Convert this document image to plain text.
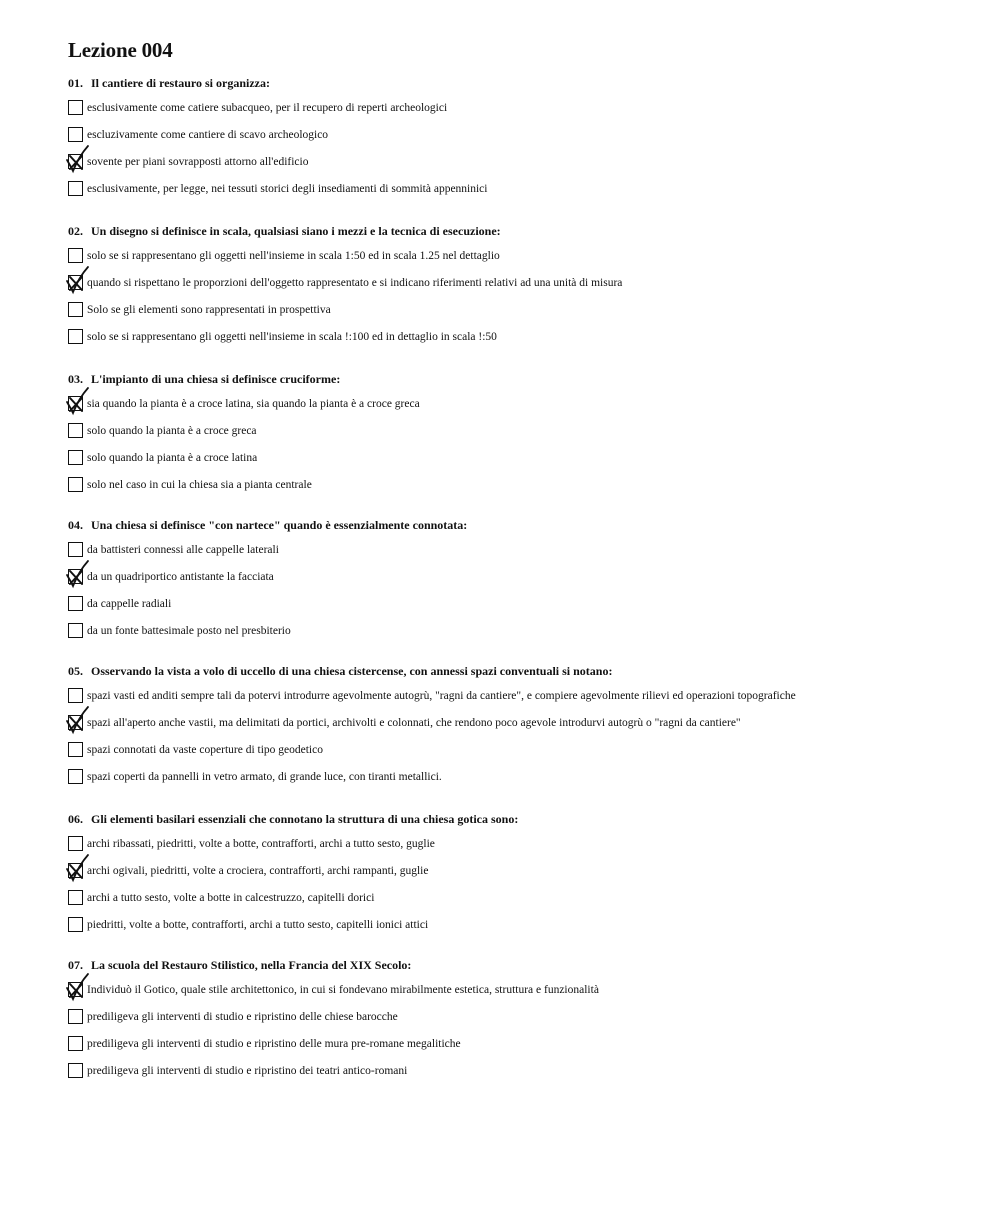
Lezione 004
01. Il cantiere di restauro si organizza:
esclusivamente come catiere subacqueo, per il recupero di reperti archeologici
escluzivamente come cantiere di scavo archeologico
sovente per piani sovrapposti attorno all'edificio
esclusivamente, per legge, nei tessuti storici degli insediamenti di sommità appenninici
02. Un disegno si definisce in scala, qualsiasi siano i mezzi e la tecnica di esecuzione:
solo se si rappresentano gli oggetti nell'insieme in scala 1:50 ed in scala 1.25 nel dettaglio
quando si rispettano le proporzioni dell'oggetto rappresentato e si indicano riferimenti relativi ad una unità di misura
Solo se gli elementi sono rappresentati in prospettiva
solo se si rappresentano gli oggetti nell'insieme in scala !:100 ed in dettaglio in scala !:50
03. L'impianto di una chiesa si definisce cruciforme:
sia quando la pianta è a croce latina, sia quando la pianta è a croce greca
solo quando la pianta è a croce greca
solo quando la pianta è a croce latina
solo nel caso in cui la chiesa sia a pianta centrale
04. Una chiesa si definisce "con nartece" quando è essenzialmente connotata:
da battisteri connessi alle cappelle laterali
da un quadriportico antistante la facciata
da cappelle radiali
da un fonte battesimale posto nel presbiterio
05. Osservando la vista a volo di uccello di una chiesa cistercense, con annessi spazi conventuali si notano:
spazi vasti ed anditi sempre tali da potervi introdurre agevolmente autogrù, "ragni da cantiere", e compiere agevolmente rilievi ed operazioni topografiche
spazi all'aperto anche vastii, ma delimitati da portici, archivolti e colonnati, che rendono poco agevole introdurvi autogrù o "ragni da cantiere"
spazi connotati da vaste coperture di tipo geodetico
spazi coperti da pannelli in vetro armato, di grande luce, con tiranti metallici.
06. Gli elementi basilari essenziali che connotano la struttura di una chiesa gotica sono:
archi ribassati, piedritti, volte a botte, contrafforti, archi a tutto sesto, guglie
archi ogivali, piedritti, volte a crociera, contrafforti, archi rampanti, guglie
archi a tutto sesto, volte a botte in calcestruzzo, capitelli dorici
piedritti, volte a botte, contrafforti, archi a tutto sesto, capitelli ionici attici
07. La scuola del Restauro Stilistico, nella Francia del XIX Secolo:
Individuò il Gotico, quale stile architettonico, in cui si fondevano mirabilmente estetica, struttura e funzionalità
prediligeva gli interventi di studio e ripristino delle chiese barocche
prediligeva gli interventi di studio e ripristino delle mura pre-romane megalitiche
prediligeva gli interventi di studio e ripristino dei teatri antico-romani
